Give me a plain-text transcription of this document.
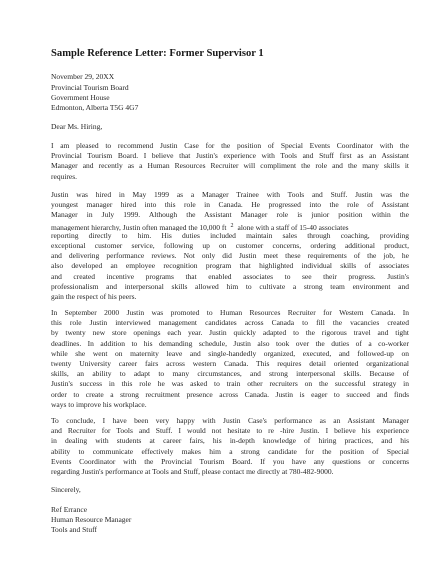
Sample Reference Letter: Former Supervisor 1
November 29, 20XX
Provincial Tourism Board
Government House
Edmonton, Alberta T5G 4G7
Dear Ms. Hiring,
I am pleased to recommend Justin Case for the position of Special Events Coordinator with the
Provincial Tourism Board. I believe that Justin's experience with Tools and Stuff first as an Assistant
Manager and recently as a Human Resources Recruiter will compliment the role and the many skills it
requires.
Justin was hired in May 1999 as a Manager Trainee with Tools and Stuff. Justin was the
youngest manager hired into this role in Canada. He progressed into the role of Assistant
Manager in July 1999. Although the Assistant Manager role is junior position within the
management hierarchy, Justin often managed the 10,000 ft $^2$ alone with a staff of 15-40 associates
reporting directly to him. His duties included maintain sales through coaching, providing
exceptional customer service, following up on customer concerns, ordering additional product,
and delivering performance reviews. Not only did Justin meet these requirements of the job, he
also developed an employee recognition program that highlighted individual skills of associates
and created incentive programs that enabled associates to see their progress. Justin's
professionalism and interpersonal skills allowed him to cultivate a strong team environment and
gain the respect of his peers.
In September 2000 Justin was promoted to Human Resources Recruiter for Western Canada. In
this role Justin interviewed management candidates across Canada to fill the vacancies created
by twenty new store openings each year. Justin quickly adapted to the rigorous travel and tight
deadlines. In addition to his demanding schedule, Justin also took over the duties of a co-worker
while she went on maternity leave and single-handedly organized, executed, and followed-up on
twenty University career fairs across western Canada. This requires detail oriented organizational
skills, an ability to adapt to many circumstances, and strong interpersonal skills. Because of
Justin's success in this role he was asked to train other recruiters on the successful strategy in
order to create a strong recruitment presence across Canada. Justin is eager to succeed and finds
ways to improve his workplace.
To conclude, I have been very happy with Justin Case's performance as an Assistant Manager
and Recruiter for Tools and Stuff. I would not hesitate to re -hire Justin. I believe his experience
in dealing with students at career fairs, his in-depth knowledge of hiring practices, and his
ability to communicate effectively makes him a strong candidate for the position of Special
Events Coordinator with the Provincial Tourism Board. If you have any questions or concerns
regarding Justin's performance at Tools and Stuff, please contact me directly at 780-482-9000.
Sincerely,
Ref Errance
Human Resource Manager
Tools and Stuff
